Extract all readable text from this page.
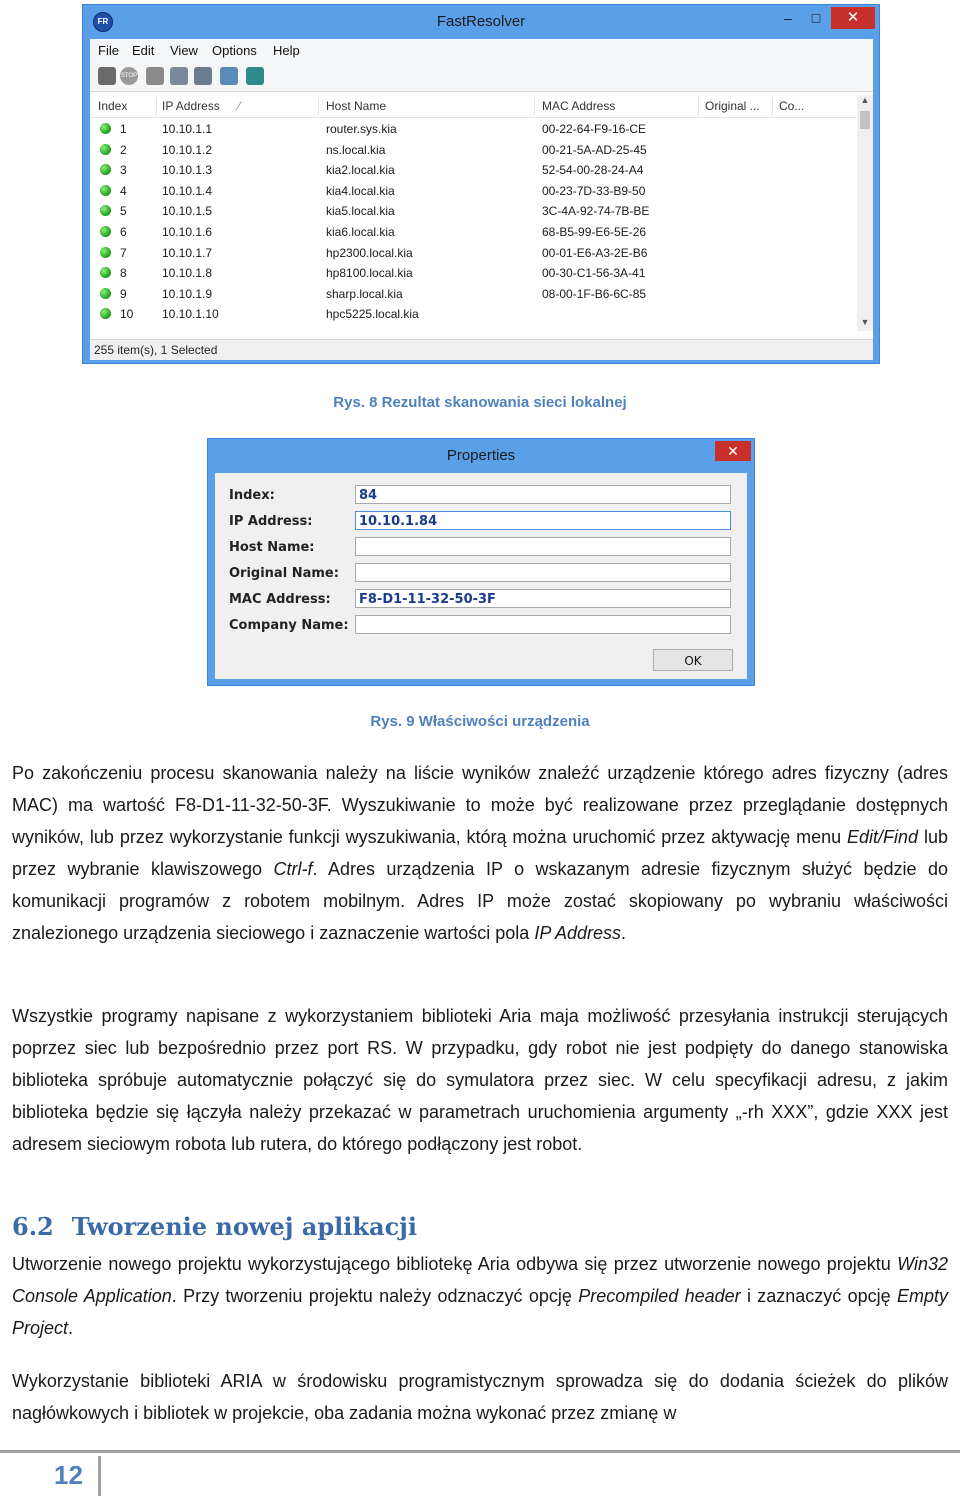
FR	FastResolver	–	□	✕
File Edit View Options Help
STOP
Index	IP Address ∕	Host Name	MAC Address	Original ... Co...
1	10.10.1.1	router.sys.kia	00-22-64-F9-16-CE
2	10.10.1.2	ns.local.kia	00-21-5A-AD-25-45
3	10.10.1.3	kia2.local.kia	52-54-00-28-24-A4
4	10.10.1.4	kia4.local.kia	00-23-7D-33-B9-50
5	10.10.1.5	kia5.local.kia	3C-4A-92-74-7B-BE
6	10.10.1.6	kia6.local.kia	68-B5-99-E6-5E-26
7	10.10.1.7	hp2300.local.kia	00-01-E6-A3-2E-B6
8	10.10.1.8	hp8100.local.kia	00-30-C1-56-3A-41
9	10.10.1.9	sharp.local.kia	08-00-1F-B6-6C-85
10 10.10.1.10	hpc5225.local.kia
▲
▼
255 item(s), 1 Selected
Rys. 8 Rezultat skanowania sieci lokalnej
Properties	✕
Index:	84
IP Address:	10.10.1.84
Host Name:
Original Name:
MAC Address:	F8-D1-11-32-50-3F
Company Name:
OK
Rys. 9 Właściwości urządzenia
Po zakończeniu procesu skanowania należy na liście wyników znaleźć urządzenie którego adres fizyczny (adres MAC) ma wartość F8-D1-11-32-50-3F. Wyszukiwanie to może być realizowane przez przeglądanie dostępnych wyników, lub przez wykorzystanie funkcji wyszukiwania, którą można uruchomić przez aktywację menu Edit/Find lub przez wybranie klawiszowego Ctrl-f. Adres urządzenia IP o wskazanym adresie fizycznym służyć będzie do komunikacji programów z robotem mobilnym. Adres IP może zostać skopiowany po wybraniu właściwości znalezionego urządzenia sieciowego i zaznaczenie wartości pola IP Address.
Wszystkie programy napisane z wykorzystaniem biblioteki Aria maja możliwość przesyłania instrukcji sterujących poprzez siec lub bezpośrednio przez port RS. W przypadku, gdy robot nie jest podpięty do danego stanowiska biblioteka spróbuje automatycznie połączyć się do symulatora przez siec. W celu specyfikacji adresu, z jakim biblioteka będzie się łączyła należy przekazać w parametrach uruchomienia argumenty „-rh XXX”, gdzie XXX jest adresem sieciowym robota lub rutera, do którego podłączony jest robot.
6.2 Tworzenie nowej aplikacji
Utworzenie nowego projektu wykorzystującego bibliotekę Aria odbywa się przez utworzenie nowego projektu Win32 Console Application. Przy tworzeniu projektu należy odznaczyć opcję Precompiled header i zaznaczyć opcję Empty Project.
Wykorzystanie biblioteki ARIA w środowisku programistycznym sprowadza się do dodania ścieżek do plików nagłówkowych i bibliotek w projekcie, oba zadania można wykonać przez zmianę w
12
